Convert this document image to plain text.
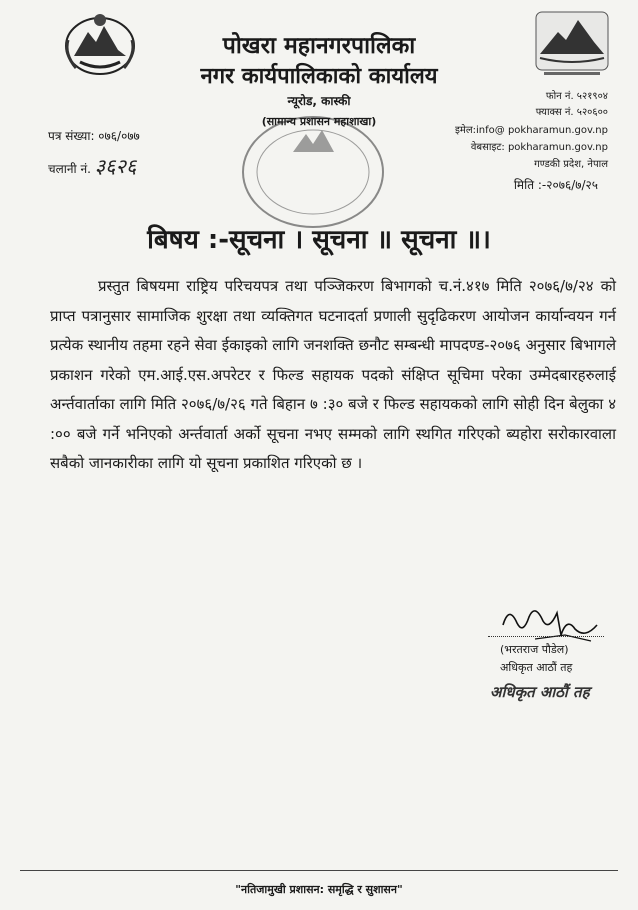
पोखरा महानगरपालिका
नगर कार्यपालिकाको कार्यालय
न्यूरोड, कास्की
(सामान्य प्रशासन महाशाखा)
फोन नं. ५२१९०४
फ्याक्स नं. ५२०६००
इमेल:info@ pokharamun.gov.np
वेबसाइट: pokharamun.gov.np
गण्डकी प्रदेश, नेपाल
पत्र संख्या: ०७६/०७७
चलानी नं. ३६२६
मिति :-२०७६/७/२५
बिषय :-सूचना । सूचना ॥ सूचना ॥।

प्रस्तुत बिषयमा राष्ट्रिय परिचयपत्र तथा पञ्जिकरण बिभागको च.नं.४१७ मिति २०७६/७/२४ को प्राप्त पत्रानुसार सामाजिक शुरक्षा तथा व्यक्तिगत घटनादर्ता प्रणाली सुदृढिकरण आयोजन कार्यान्वयन गर्न प्रत्येक स्थानीय तहमा रहने सेवा ईकाइको लागि जनशक्ति छनौट सम्बन्धी मापदण्ड-२०७६ अनुसार बिभागले प्रकाशन गरेको एम.आई.एस.अपरेटर र फिल्ड सहायक पदको संक्षिप्त सूचिमा परेका उम्मेदबारहरुलाई अर्न्तवार्ताका लागि मिति २०७६/७/२६ गते बिहान ७ :३० बजे र फिल्ड सहायकको लागि सोही दिन बेलुका ४ :०० बजे गर्ने भनिएको अर्न्तवार्ता अर्को सूचना नभए सम्मको लागि स्थगित गरिएको ब्यहोरा सरोकारवाला सबैको जानकारीका लागि यो सूचना प्रकाशित गरिएको छ ।

(भरतराज पौडेल)
अधिकृत आठौं तह
अधिकृत आठौं तह
"नतिजामुखी प्रशासन: समृद्धि र सुशासन"
